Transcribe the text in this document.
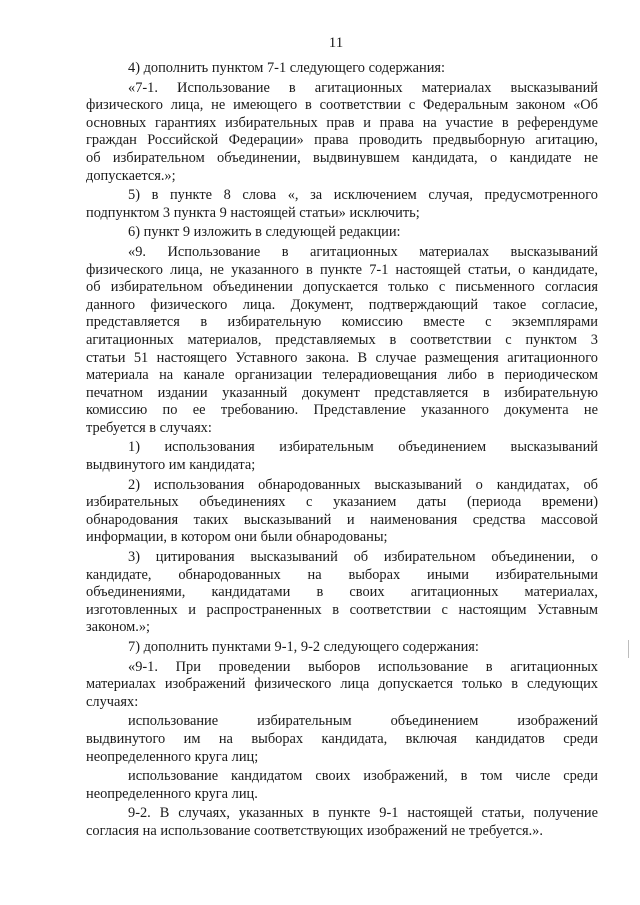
11
4) дополнить пунктом 7-1 следующего содержания:
«7-1. Использование в агитационных материалах высказываний
физического лица, не имеющего в соответствии с Федеральным законом «Об
основных гарантиях избирательных прав и права на участие в референдуме
граждан Российской Федерации» права проводить предвыборную агитацию,
об избирательном объединении, выдвинувшем кандидата, о кандидате не
допускается.»;
5) в пункте 8 слова «, за исключением случая, предусмотренного
подпунктом 3 пункта 9 настоящей статьи» исключить;
6) пункт 9 изложить в следующей редакции:
«9. Использование в агитационных материалах высказываний
физического лица, не указанного в пункте 7-1 настоящей статьи, о кандидате,
об избирательном объединении допускается только с письменного согласия
данного физического лица. Документ, подтверждающий такое согласие,
представляется в избирательную комиссию вместе с экземплярами
агитационных материалов, представляемых в соответствии с пунктом 3
статьи 51 настоящего Уставного закона. В случае размещения агитационного
материала на канале организации телерадиовещания либо в периодическом
печатном издании указанный документ представляется в избирательную
комиссию по ее требованию. Представление указанного документа не
требуется в случаях:
1) использования избирательным объединением высказываний
выдвинутого им кандидата;
2) использования обнародованных высказываний о кандидатах, об
избирательных объединениях с указанием даты (периода времени)
обнародования таких высказываний и наименования средства массовой
информации, в котором они были обнародованы;
3) цитирования высказываний об избирательном объединении, о
кандидате, обнародованных на выборах иными избирательными
объединениями, кандидатами в своих агитационных материалах,
изготовленных и распространенных в соответствии с настоящим Уставным
законом.»;
7) дополнить пунктами 9-1, 9-2 следующего содержания:
«9-1. При проведении выборов использование в агитационных
материалах изображений физического лица допускается только в следующих
случаях:
использование избирательным объединением изображений
выдвинутого им на выборах кандидата, включая кандидатов среди
неопределенного круга лиц;
использование кандидатом своих изображений, в том числе среди
неопределенного круга лиц.
9-2. В случаях, указанных в пункте 9-1 настоящей статьи, получение
согласия на использование соответствующих изображений не требуется.».
